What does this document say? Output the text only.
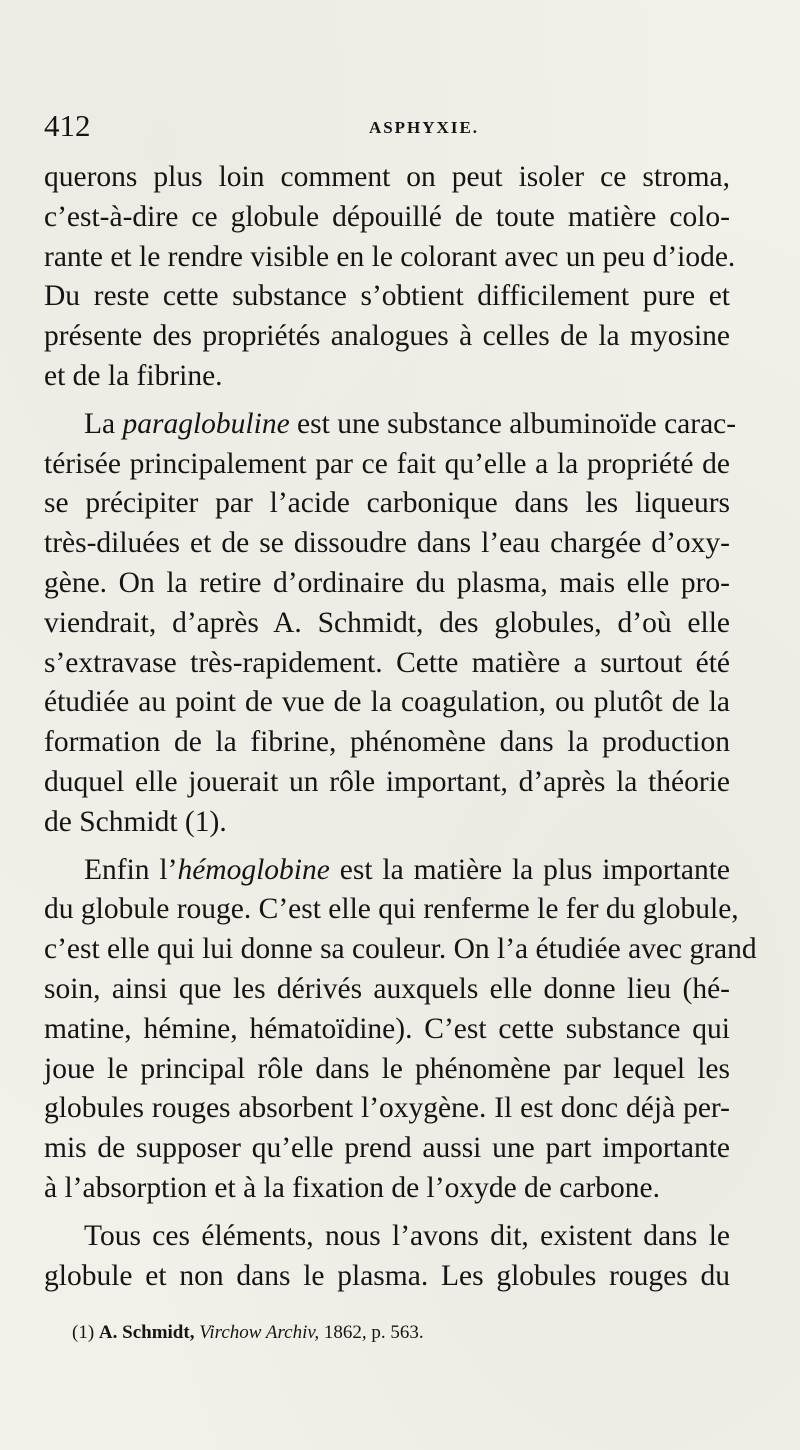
412	ASPHYXIE.
querons plus loin comment on peut isoler ce stroma,
c’est-à-dire ce globule dépouillé de toute matière colo-
rante et le rendre visible en le colorant avec un peu d’iode.
Du reste cette substance s’obtient difficilement pure et
présente des propriétés analogues à celles de la myosine
et de la fibrine.
La paraglobuline est une substance albuminoïde carac-
térisée principalement par ce fait qu’elle a la propriété de
se précipiter par l’acide carbonique dans les liqueurs
très-diluées et de se dissoudre dans l’eau chargée d’oxy-
gène. On la retire d’ordinaire du plasma, mais elle pro-
viendrait, d’après A. Schmidt, des globules, d’où elle
s’extravase très-rapidement. Cette matière a surtout été
étudiée au point de vue de la coagulation, ou plutôt de la
formation de la fibrine, phénomène dans la production
duquel elle jouerait un rôle important, d’après la théorie
de Schmidt (1).
Enfin l’hémoglobine est la matière la plus importante
du globule rouge. C’est elle qui renferme le fer du globule,
c’est elle qui lui donne sa couleur. On l’a étudiée avec grand
soin, ainsi que les dérivés auxquels elle donne lieu (hé-
matine, hémine, hématoïdine). C’est cette substance qui
joue le principal rôle dans le phénomène par lequel les
globules rouges absorbent l’oxygène. Il est donc déjà per-
mis de supposer qu’elle prend aussi une part importante
à l’absorption et à la fixation de l’oxyde de carbone.
Tous ces éléments, nous l’avons dit, existent dans le
globule et non dans le plasma. Les globules rouges du
(1) A. Schmidt, Virchow Archiv, 1862, p. 563.
